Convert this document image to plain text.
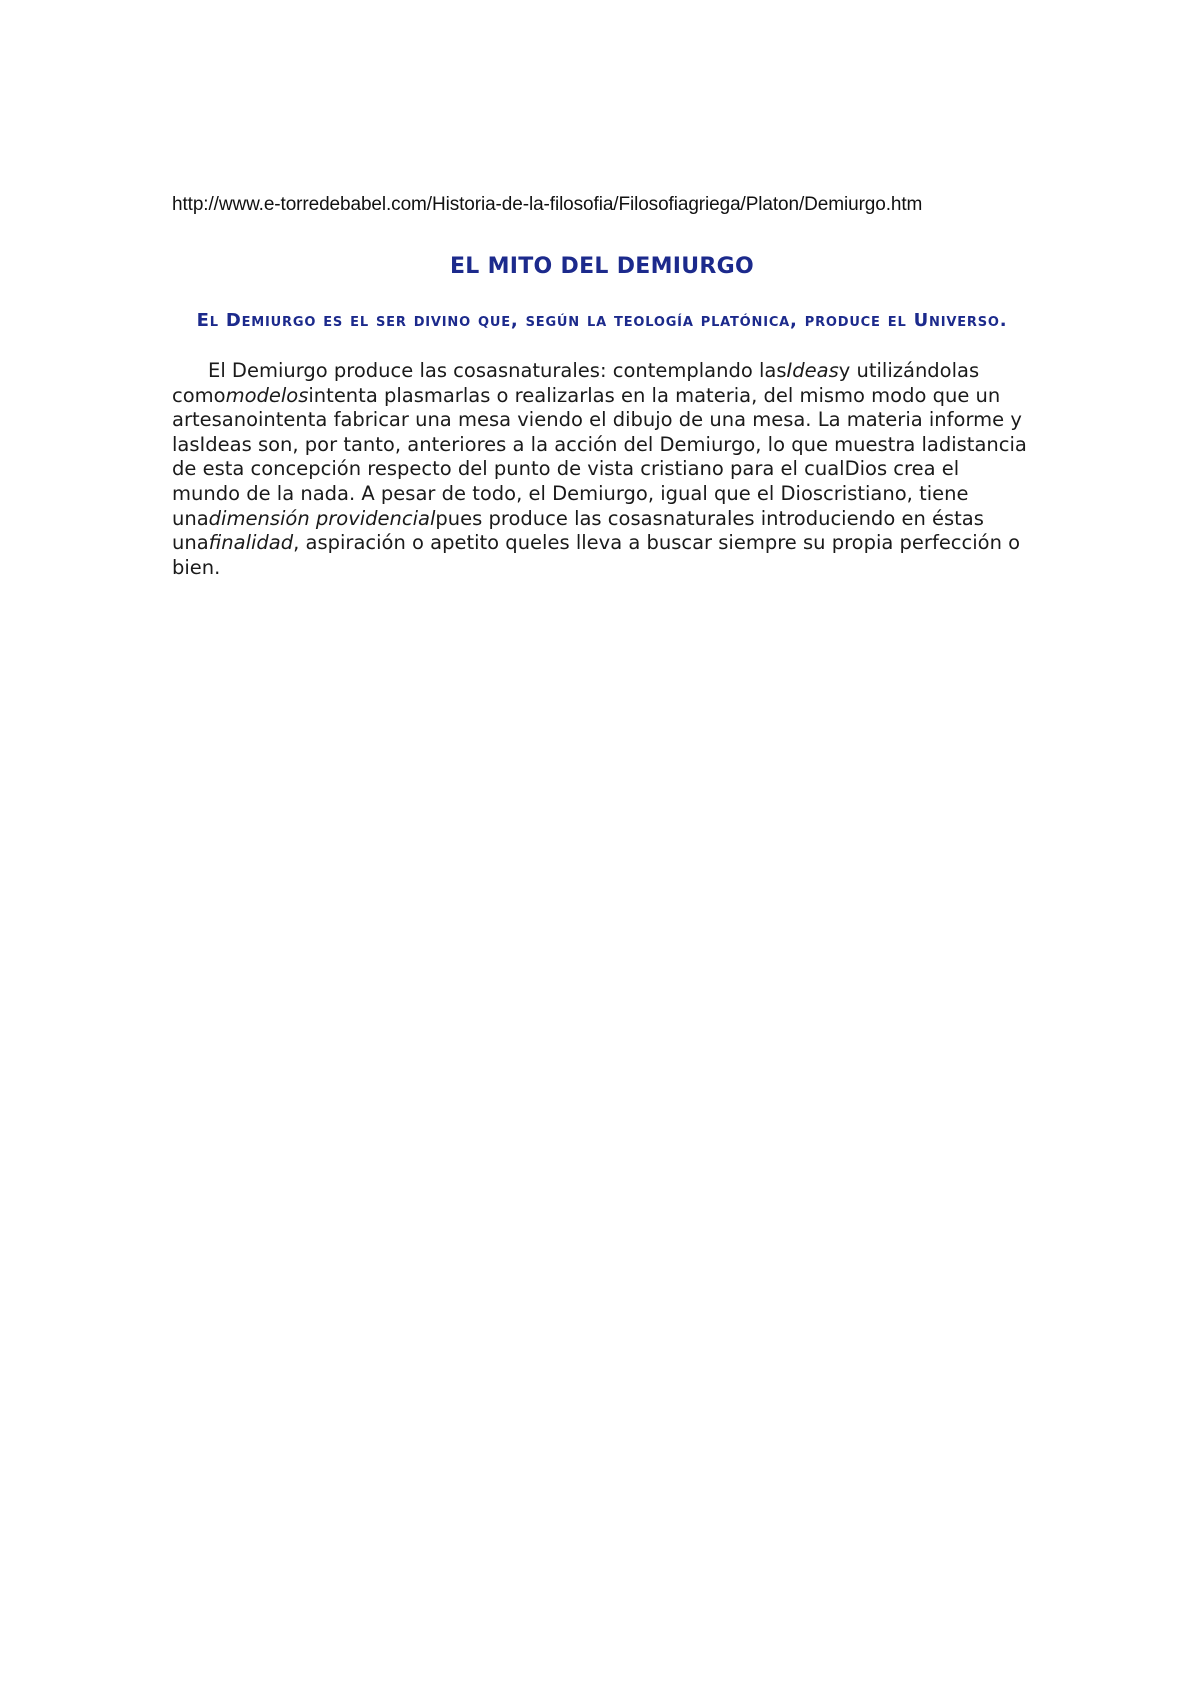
http://www.e-torredebabel.com/Historia-de-la-filosofia/Filosofiagriega/Platon/Demiurgo.htm

EL MITO DEL DEMIURGO
El Demiurgo es el ser divino que, según la teología platónica, produce el Universo.

El Demiurgo produce las cosasnaturales: contemplando lasIdeasy utilizándolas comomodelosintenta plasmarlas o realizarlas en la materia, del mismo modo que un artesanointenta fabricar una mesa viendo el dibujo de una mesa. La materia informe y lasIdeas son, por tanto, anteriores a la acción del Demiurgo, lo que muestra ladistancia de esta concepción respecto del punto de vista cristiano para el cualDios crea el mundo de la nada. A pesar de todo, el Demiurgo, igual que el Dioscristiano, tiene unadimensión providencialpues produce las cosasnaturales introduciendo en éstas unafinalidad, aspiración o apetito queles lleva a buscar siempre su propia perfección o bien.
